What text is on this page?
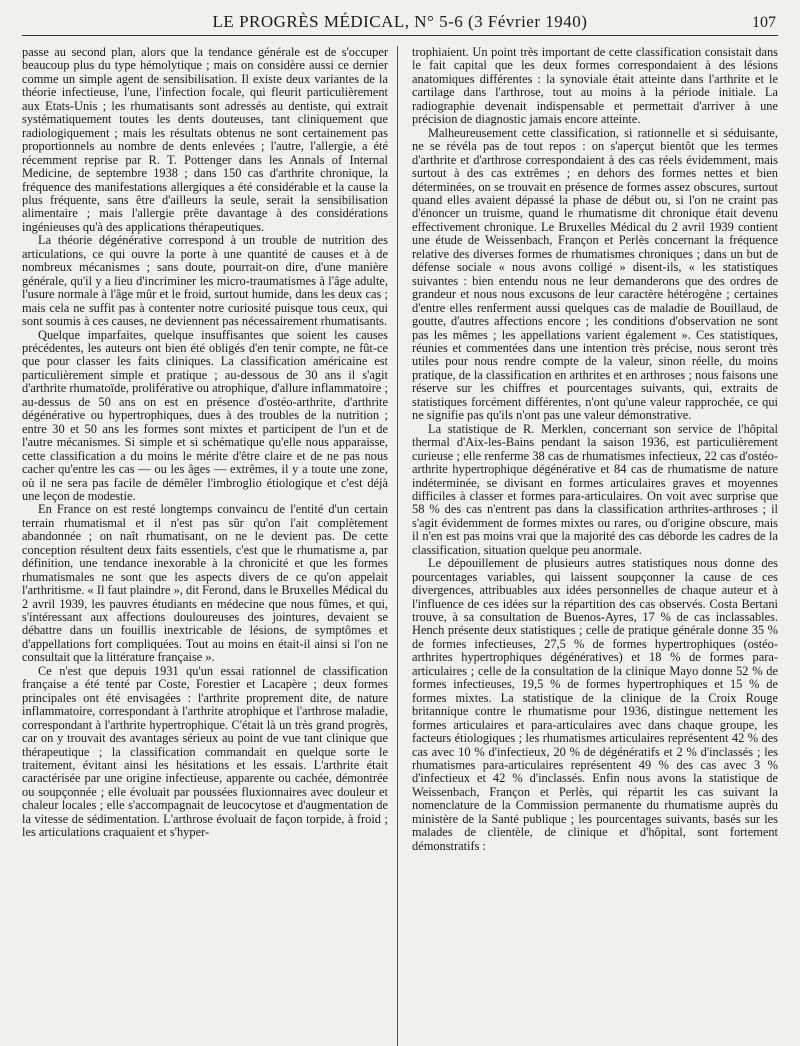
LE PROGRÈS MÉDICAL, N° 5-6 (3 Février 1940)	107

passe au second plan, alors que la tendance générale est de s'occuper beaucoup plus du type hémolytique ; mais on considère aussi ce dernier comme un simple agent de sensibilisation. Il existe deux variantes de la théorie infectieuse, l'une, l'infection focale, qui fleurit particulièrement aux Etats-Unis ; les rhumatisants sont adressés au dentiste, qui extrait systématiquement toutes les dents douteuses, tant cliniquement que radiologiquement ; mais les résultats obtenus ne sont certainement pas proportionnels au nombre de dents enlevées ; l'autre, l'allergie, a été récemment reprise par R. T. Pottenger dans les Annals of Internal Medicine, de septembre 1938 ; dans 150 cas d'arthrite chronique, la fréquence des manifestations allergiques a été considérable et la cause la plus fréquente, sans être d'ailleurs la seule, serait la sensibilisation alimentaire ; mais l'allergie prête davantage à des considérations ingénieuses qu'à des applications thérapeutiques.

La théorie dégénérative correspond à un trouble de nutrition des articulations, ce qui ouvre la porte à une quantité de causes et à de nombreux mécanismes ; sans doute, pourrait-on dire, d'une manière générale, qu'il y a lieu d'incriminer les micro-traumatismes à l'âge adulte, l'usure normale à l'âge mûr et le froid, surtout humide, dans les deux cas ; mais cela ne suffit pas à contenter notre curiosité puisque tous ceux, qui sont soumis à ces causes, ne deviennent pas nécessairement rhumatisants.

Quelque imparfaites, quelque insuffisantes que soient les causes précédentes, les auteurs ont bien été obligés d'en tenir compte, ne fût-ce que pour classer les faits cliniques. La classification américaine est particulièrement simple et pratique ; au-dessous de 30 ans il s'agit d'arthrite rhumatoïde, proliférative ou atrophique, d'allure inflammatoire ; au-dessus de 50 ans on est en présence d'ostéo-arthrite, d'arthrite dégénérative ou hypertrophiques, dues à des troubles de la nutrition ; entre 30 et 50 ans les formes sont mixtes et participent de l'un et de l'autre mécanismes. Si simple et si schématique qu'elle nous apparaisse, cette classification a du moins le mérite d'être claire et de ne pas nous cacher qu'entre les cas — ou les âges — extrêmes, il y a toute une zone, où il ne sera pas facile de démêler l'imbroglio étiologique et c'est déjà une leçon de modestie.

En France on est resté longtemps convaincu de l'entité d'un certain terrain rhumatismal et il n'est pas sûr qu'on l'ait complètement abandonnée ; on naît rhumatisant, on ne le devient pas. De cette conception résultent deux faits essentiels, c'est que le rhumatisme a, par définition, une tendance inexorable à la chronicité et que les formes rhumatismales ne sont que les aspects divers de ce qu'on appelait l'arthritisme. « Il faut plaindre », dit Ferond, dans le Bruxelles Médical du 2 avril 1939, les pauvres étudiants en médecine que nous fûmes, et qui, s'intéressant aux affections douloureuses des jointures, devaient se débattre dans un fouillis inextricable de lésions, de symptômes et d'appellations fort compliquées. Tout au moins en était-il ainsi si l'on ne consultait que la littérature française ».

Ce n'est que depuis 1931 qu'un essai rationnel de classification française a été tenté par Coste, Forestier et Lacapère ; deux formes principales ont été envisagées : l'arthrite proprement dite, de nature inflammatoire, correspondant à l'arthrite atrophique et l'arthrose maladie, correspondant à l'arthrite hypertrophique. C'était là un très grand progrès, car on y trouvait des avantages sérieux au point de vue tant clinique que thérapeutique ; la classification commandait en quelque sorte le traitement, évitant ainsi les hésitations et les essais. L'arthrite était caractérisée par une origine infectieuse, apparente ou cachée, démontrée ou soupçonnée ; elle évoluait par poussées fluxionnaires avec douleur et chaleur locales ; elle s'accompagnait de leucocytose et d'augmentation de la vitesse de sédimentation. L'arthrose évoluait de façon torpide, à froid ; les articulations craquaient et s'hyper-

trophiaient. Un point très important de cette classification consistait dans le fait capital que les deux formes correspondaient à des lésions anatomiques différentes : la synoviale était atteinte dans l'arthrite et le cartilage dans l'arthrose, tout au moins à la période initiale. La radiographie devenait indispensable et permettait d'arriver à une précision de diagnostic jamais encore atteinte.

Malheureusement cette classification, si rationnelle et si séduisante, ne se révéla pas de tout repos : on s'aperçut bientôt que les termes d'arthrite et d'arthrose correspondaient à des cas réels évidemment, mais surtout à des cas extrêmes ; en dehors des formes nettes et bien déterminées, on se trouvait en présence de formes assez obscures, surtout quand elles avaient dépassé la phase de début ou, si l'on ne craint pas d'énoncer un truisme, quand le rhumatisme dit chronique était devenu effectivement chronique. Le Bruxelles Médical du 2 avril 1939 contient une étude de Weissenbach, Françon et Perlès concernant la fréquence relative des diverses formes de rhumatismes chroniques ; dans un but de défense sociale « nous avons colligé » disent-ils, « les statistiques suivantes : bien entendu nous ne leur demanderons que des ordres de grandeur et nous nous excusons de leur caractère hétérogène ; certaines d'entre elles renferment aussi quelques cas de maladie de Bouillaud, de goutte, d'autres affections encore ; les conditions d'observation ne sont pas les mêmes ; les appellations varient également ». Ces statistiques, réunies et commentées dans une intention très précise, nous seront très utiles pour nous rendre compte de la valeur, sinon réelle, du moins pratique, de la classification en arthrites et en arthroses ; nous faisons une réserve sur les chiffres et pourcentages suivants, qui, extraits de statistiques forcément différentes, n'ont qu'une valeur rapprochée, ce qui ne signifie pas qu'ils n'ont pas une valeur démonstrative.

La statistique de R. Merklen, concernant son service de l'hôpital thermal d'Aix-les-Bains pendant la saison 1936, est particulièrement curieuse ; elle renferme 38 cas de rhumatismes infectieux, 22 cas d'ostéo-arthrite hypertrophique dégénérative et 84 cas de rhumatisme de nature indéterminée, se divisant en formes articulaires graves et moyennes difficiles à classer et formes para-articulaires. On voit avec surprise que 58 % des cas n'entrent pas dans la classification arthrites-arthroses ; il s'agit évidemment de formes mixtes ou rares, ou d'origine obscure, mais il n'en est pas moins vrai que la majorité des cas déborde les cadres de la classification, situation quelque peu anormale.

Le dépouillement de plusieurs autres statistiques nous donne des pourcentages variables, qui laissent soupçonner la cause de ces divergences, attribuables aux idées personnelles de chaque auteur et à l'influence de ces idées sur la répartition des cas observés. Costa Bertani trouve, à sa consultation de Buenos-Ayres, 17 % de cas inclassables. Hench présente deux statistiques ; celle de pratique générale donne 35 % de formes infectieuses, 27,5 % de formes hypertrophiques (ostéo-arthrites hypertrophiques dégénératives) et 18 % de formes para-articulaires ; celle de la consultation de la clinique Mayo donne 52 % de formes infectieuses, 19,5 % de formes hypertrophiques et 15 % de formes mixtes. La statistique de la clinique de la Croix Rouge britannique contre le rhumatisme pour 1936, distingue nettement les formes articulaires et para-articulaires avec dans chaque groupe, les facteurs étiologiques ; les rhumatismes articulaires représentent 42 % des cas avec 10 % d'infectieux, 20 % de dégénératifs et 2 % d'inclassés ; les rhumatismes para-articulaires représentent 49 % des cas avec 3 % d'infectieux et 42 % d'inclassés. Enfin nous avons la statistique de Weissenbach, Françon et Perlès, qui répartit les cas suivant la nomenclature de la Commission permanente du rhumatisme auprès du ministère de la Santé publique ; les pourcentages suivants, basés sur les malades de clientèle, de clinique et d'hôpital, sont fortement démonstratifs :
